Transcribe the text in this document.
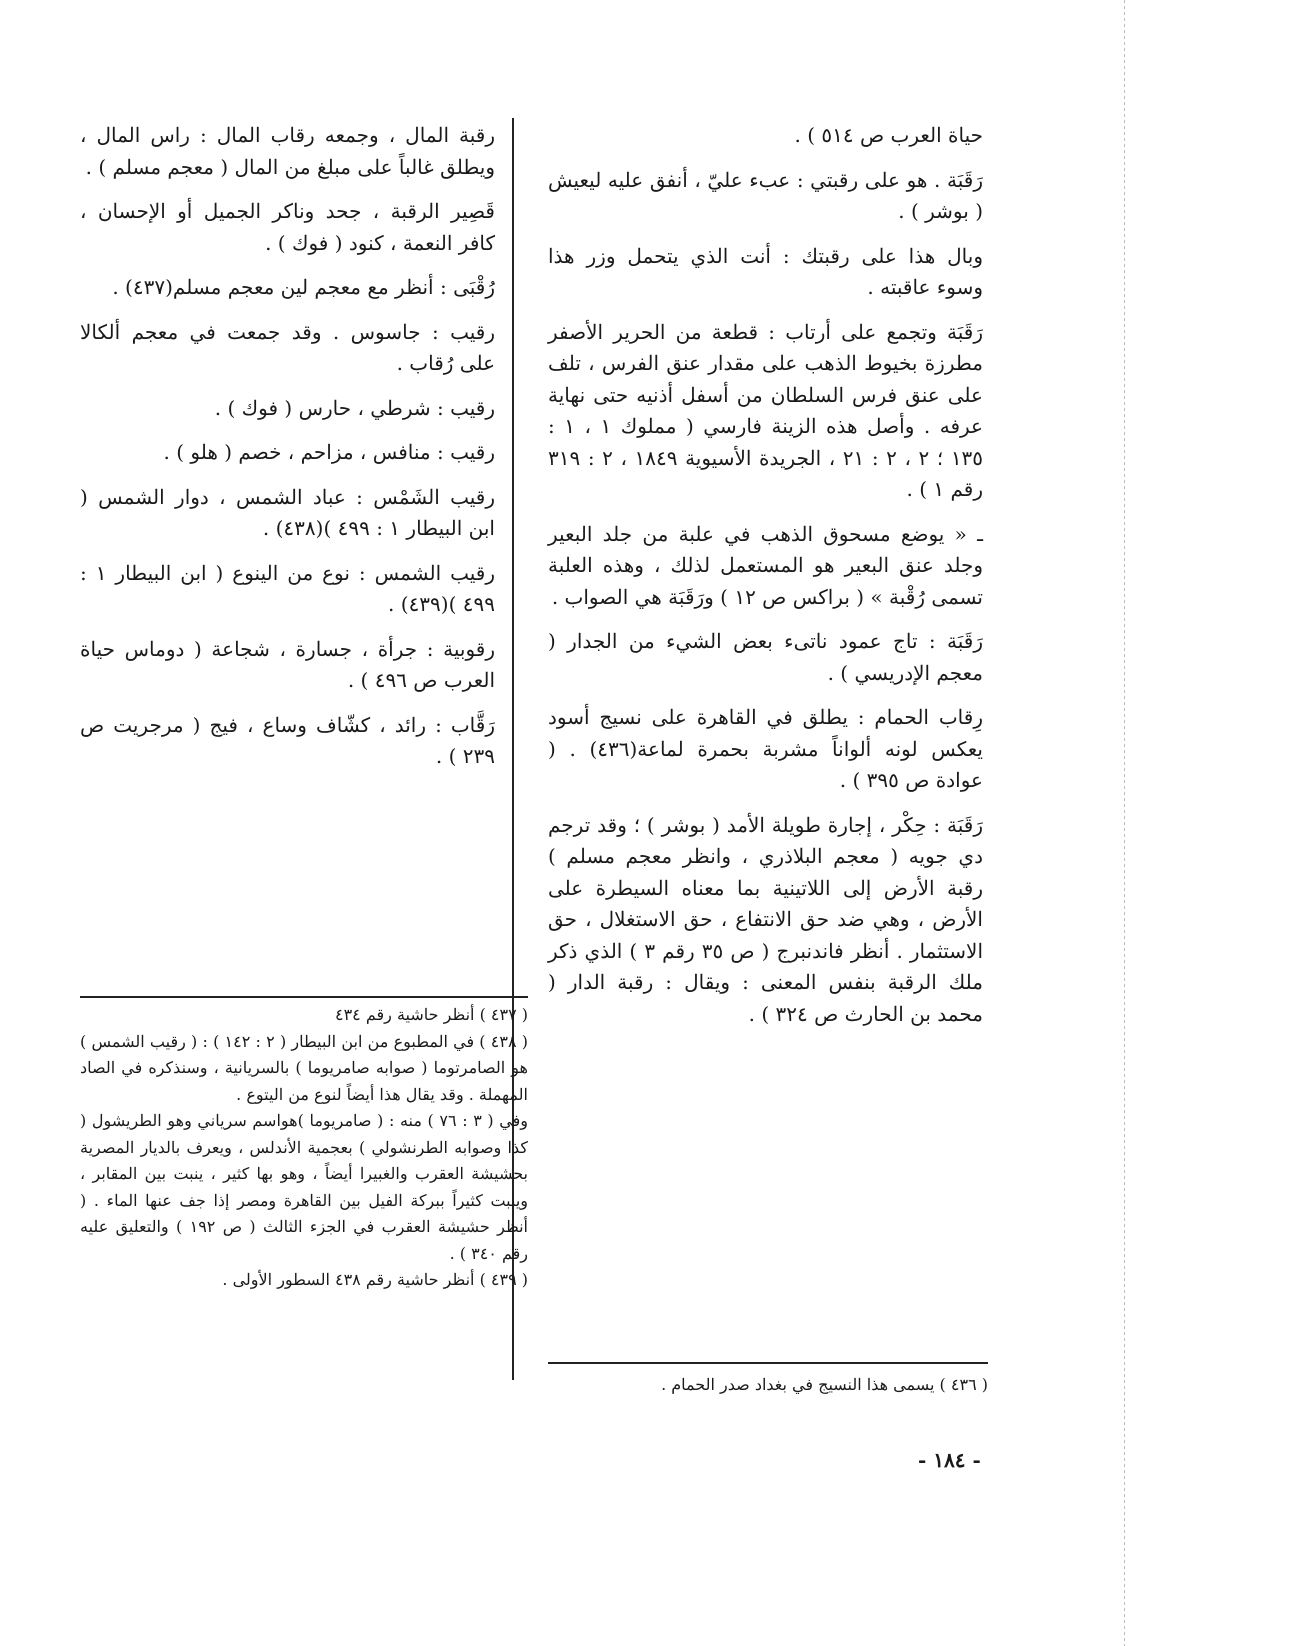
حياة العرب ص ٥١٤ ) .

رَقَبَة . هو على رقبتي : عبء عليّ ، أنفق عليه ليعيش ( بوشر ) .

وبال هذا على رقبتك : أنت الذي يتحمل وزر هذا وسوء عاقبته .

رَقَبَة وتجمع على أرتاب : قطعة من الحرير الأصفر مطرزة بخيوط الذهب على مقدار عنق الفرس ، تلف على عنق فرس السلطان من أسفل أذنيه حتى نهاية عرفه . وأصل هذه الزينة فارسي ( مملوك ١ ، ١ : ١٣٥ ؛ ٢ ، ٢ : ٢١ ، الجريدة الأسيوية ١٨٤٩ ، ٢ : ٣١٩ رقم ١ ) .

ـ « يوضع مسحوق الذهب في علبة من جلد البعير وجلد عنق البعير هو المستعمل لذلك ، وهذه العلبة تسمى رُقْبة » ( براكس ص ١٢ ) ورَقَبَة هي الصواب .

رَقَبَة : تاج عمود ناتىء بعض الشيء من الجدار ( معجم الإدريسي ) .

رِقاب الحمام : يطلق في القاهرة على نسيج أسود يعكس لونه ألواناً مشربة بحمرة لماعة(٤٣٦) . ( عوادة ص ٣٩٥ ) .

رَقَبَة : حِكْر ، إجارة طويلة الأمد ( بوشر ) ؛ وقد ترجم دي جويه ( معجم البلاذري ، وانظر معجم مسلم ) رقبة الأرض إلى اللاتينية بما معناه السيطرة على الأرض ، وهي ضد حق الانتفاع ، حق الاستغلال ، حق الاستثمار . أنظر فاندنبرج ( ص ٣٥ رقم ٣ ) الذي ذكر ملك الرقبة بنفس المعنى : ويقال : رقبة الدار ( محمد بن الحارث ص ٣٢٤ ) .

رقبة المال ، وجمعه رقاب المال : راس المال ، ويطلق غالباً على مبلغ من المال ( معجم مسلم ) .

قَصِير الرقبة ، جحد وناكر الجميل أو الإحسان ، كافر النعمة ، كنود ( فوك ) .

رُقْبَى : أنظر مع معجم لين معجم مسلم(٤٣٧) .

رقيب : جاسوس . وقد جمعت في معجم ألكالا على رُقاب .

رقيب : شرطي ، حارس ( فوك ) .

رقيب : منافس ، مزاحم ، خصم ( هلو ) .

رقيب الشَمْس : عباد الشمس ، دوار الشمس ( ابن البيطار ١ : ٤٩٩ )(٤٣٨) .

رقيب الشمس : نوع من الينوع ( ابن البيطار ١ : ٤٩٩ )(٤٣٩) .

رقوبية : جرأة ، جسارة ، شجاعة ( دوماس حياة العرب ص ٤٩٦ ) .

رَقَّاب : رائد ، كشّاف وساع ، فيج ( مرجريت ص ٢٣٩ ) .

( ٤٣٧ ) أنظر حاشية رقم ٤٣٤

( ٤٣٨ ) في المطبوع من ابن البيطار ( ٢ : ١٤٢ ) : ( رقيب الشمس ) هو الصامرتوما ( صوابه صامريوما ) بالسريانية ، وسنذكره في الصاد المهملة . وقد يقال هذا أيضاً لنوع من اليتوع .

وفي ( ٣ : ٧٦ ) منه : ( صامريوما )هواسم سرياني وهو الطريشول ( كذا وصوابه الطرنشولي ) بعجمية الأندلس ، ويعرف بالديار المصرية بحشيشة العقرب والغبيرا أيضاً ، وهو بها كثير ، ينبت بين المقابر ، وينبت كثيراً ببركة الفيل بين القاهرة ومصر إذا جف عنها الماء . ( أنظر حشيشة العقرب في الجزء الثالث ( ص ١٩٢ ) والتعليق عليه رقم ٣٤٠ ) .

( ٤٣٩ ) أنظر حاشية رقم ٤٣٨ السطور الأولى .

( ٤٣٦ ) يسمى هذا النسيج في بغداد صدر الحمام .

- ١٨٤ -
